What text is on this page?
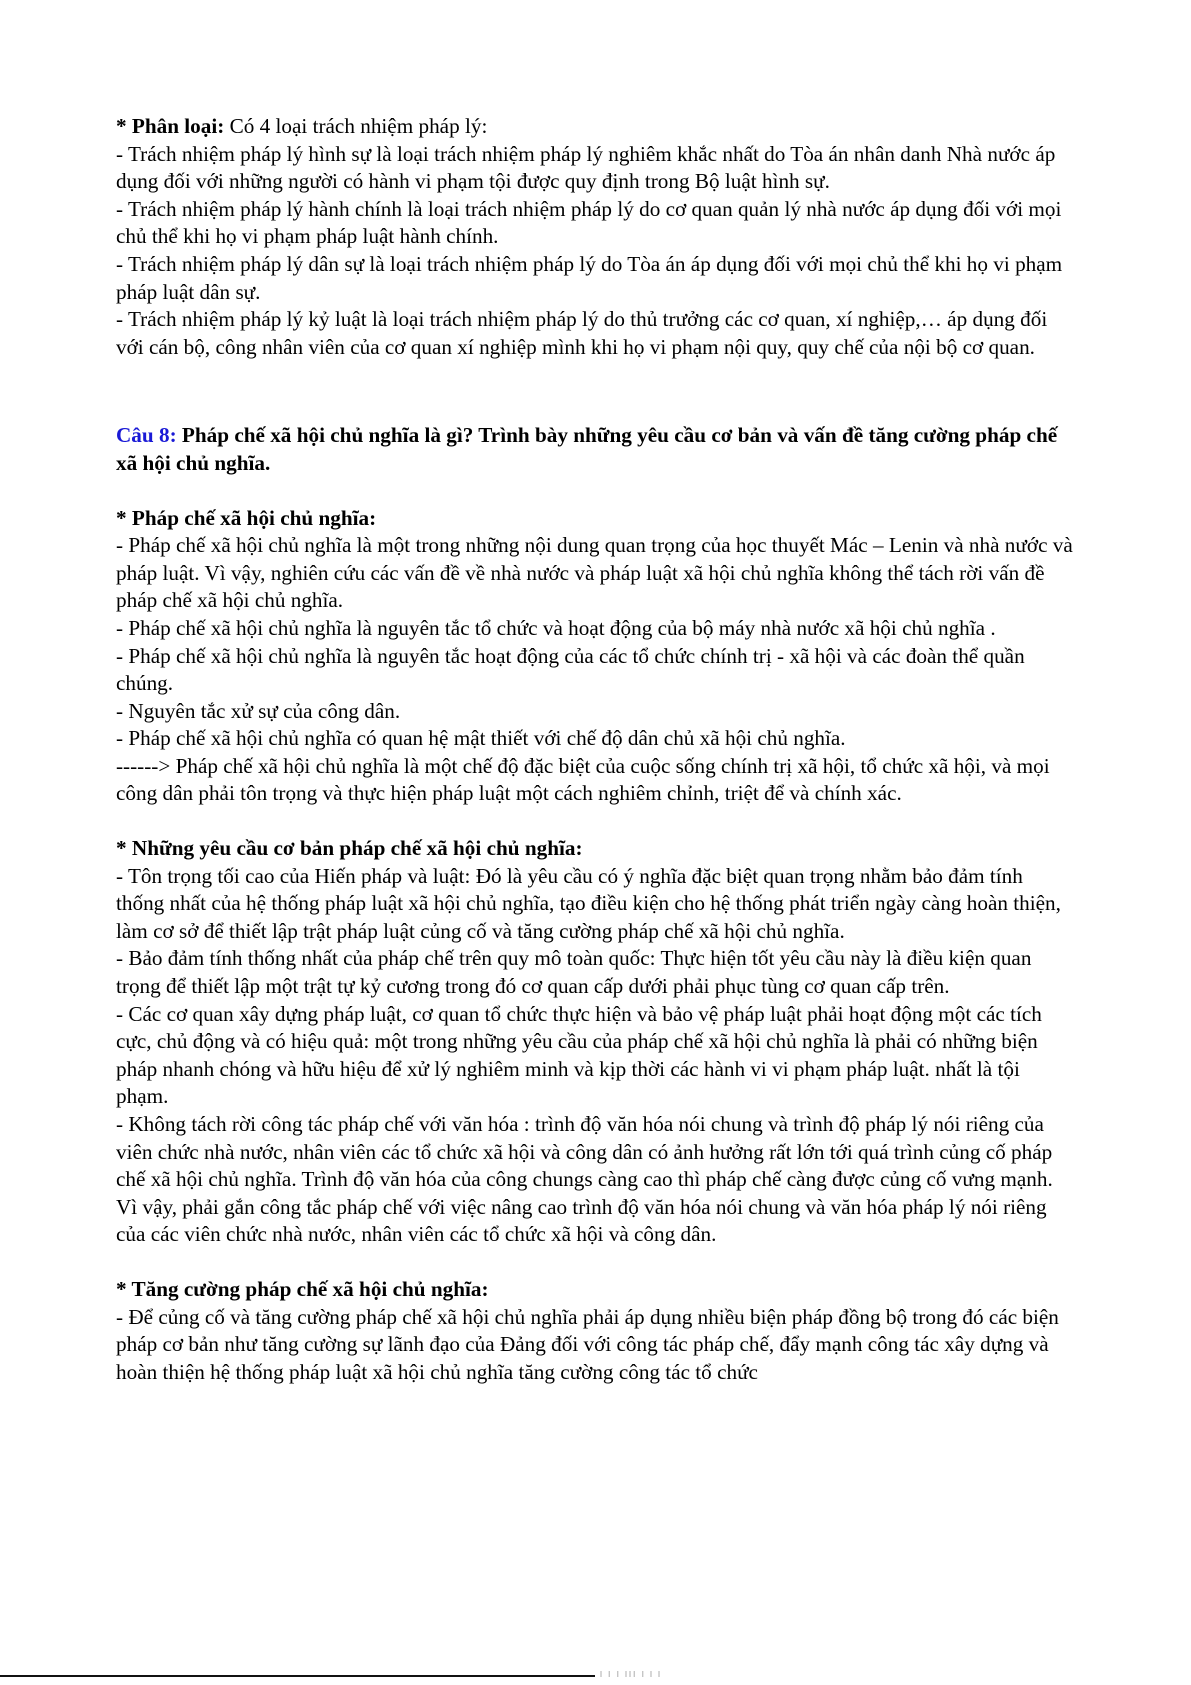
* Phân loại: Có 4 loại trách nhiệm pháp lý:

- Trách nhiệm pháp lý hình sự là loại trách nhiệm pháp lý nghiêm khắc nhất do Tòa án nhân danh Nhà nước áp dụng đối với những người có hành vi phạm tội được quy định trong Bộ luật hình sự.

- Trách nhiệm pháp lý hành chính là loại trách nhiệm pháp lý do cơ quan quản lý nhà nước áp dụng đối với mọi chủ thể khi họ vi phạm pháp luật hành chính.

- Trách nhiệm pháp lý dân sự là loại trách nhiệm pháp lý do Tòa án áp dụng đối với mọi chủ thể khi họ vi phạm pháp luật dân sự.

- Trách nhiệm pháp lý kỷ luật là loại trách nhiệm pháp lý do thủ trưởng các cơ quan, xí nghiệp,… áp dụng đối với cán bộ, công nhân viên của cơ quan xí nghiệp mình khi họ vi phạm nội quy, quy chế của nội bộ cơ quan.

Câu 8: Pháp chế xã hội chủ nghĩa là gì? Trình bày những yêu cầu cơ bản và vấn đề tăng cường pháp chế xã hội chủ nghĩa.

* Pháp chế xã hội chủ nghĩa:

- Pháp chế xã hội chủ nghĩa là một trong những nội dung quan trọng của học thuyết Mác – Lenin và nhà nước và pháp luật. Vì vậy, nghiên cứu các vấn đề về nhà nước và pháp luật xã hội chủ nghĩa không thể tách rời vấn đề pháp chế xã hội chủ nghĩa.

- Pháp chế xã hội chủ nghĩa là nguyên tắc tổ chức và hoạt động của bộ máy nhà nước xã hội chủ nghĩa .

- Pháp chế xã hội chủ nghĩa là nguyên tắc hoạt động của các tổ chức chính trị - xã hội và các đoàn thể quần chúng.

- Nguyên tắc xử sự của công dân.

- Pháp chế xã hội chủ nghĩa có quan hệ mật thiết với chế độ dân chủ xã hội chủ nghĩa.

------> Pháp chế xã hội chủ nghĩa là một chế độ đặc biệt của cuộc sống chính trị xã hội, tổ chức xã hội, và mọi công dân phải tôn trọng và thực hiện pháp luật một cách nghiêm chỉnh, triệt để và chính xác.

* Những yêu cầu cơ bản pháp chế xã hội chủ nghĩa:

- Tôn trọng tối cao của Hiến pháp và luật: Đó là yêu cầu có ý nghĩa đặc biệt quan trọng nhằm bảo đảm tính thống nhất của hệ thống pháp luật xã hội chủ nghĩa, tạo điều kiện cho hệ thống phát triển ngày càng hoàn thiện, làm cơ sở để thiết lập trật pháp luật củng cố và tăng cường pháp chế xã hội chủ nghĩa.

- Bảo đảm tính thống nhất của pháp chế trên quy mô toàn quốc: Thực hiện tốt yêu cầu này là điều kiện quan trọng để thiết lập một trật tự kỷ cương trong đó cơ quan cấp dưới phải phục tùng cơ quan cấp trên.

- Các cơ quan xây dựng pháp luật, cơ quan tổ chức thực hiện và bảo vệ pháp luật phải hoạt động một các tích cực, chủ động và có hiệu quả: một trong những yêu cầu của pháp chế xã hội chủ nghĩa là phải có những biện pháp nhanh chóng và hữu hiệu để xử lý nghiêm minh và kịp thời các hành vi vi phạm pháp luật. nhất là tội phạm.

- Không tách rời công tác pháp chế với văn hóa : trình độ văn hóa nói chung và trình độ pháp lý nói riêng của viên chức nhà nước, nhân viên các tổ chức xã hội và công dân có ảnh hưởng rất lớn tới quá trình củng cố pháp chế xã hội chủ nghĩa. Trình độ văn hóa của công chungs càng cao thì pháp chế càng được củng cố vưng mạnh. Vì vậy, phải gắn công tắc pháp chế với việc nâng cao trình độ văn hóa nói chung và văn hóa pháp lý nói riêng của các viên chức nhà nước, nhân viên các tổ chức xã hội và công dân.

* Tăng cường pháp chế xã hội chủ nghĩa:

- Để củng cố và tăng cường pháp chế xã hội chủ nghĩa phải áp dụng nhiều biện pháp đồng bộ trong đó các biện pháp cơ bản như tăng cường sự lãnh đạo của Đảng đối với công tác pháp chế, đẩy mạnh công tác xây dựng và hoàn thiện hệ thống pháp luật xã hội chủ nghĩa tăng cường công tác tổ chức

ǁ ǁ ǁ ǁǁǁ ǁ ǁ ǁ
